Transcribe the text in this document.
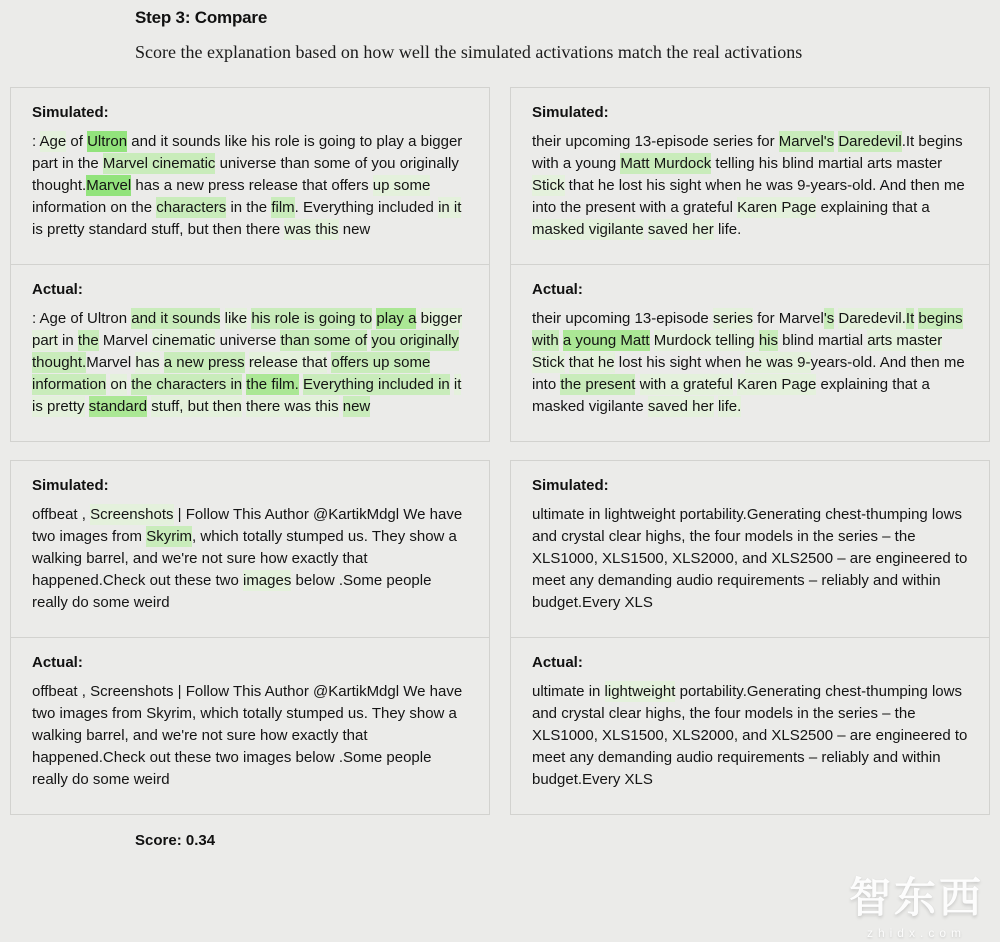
Step 3: Compare
Score the explanation based on how well the simulated activations match the real activations
Simulated:
: Age of Ultron and it sounds like his role is going to play a bigger part in the Marvel cinematic universe than some of you originally thought.Marvel has a new press release that offers up some information on the characters in the film. Everything included in it is pretty standard stuff, but then there was this new
Actual:
: Age of Ultron and it sounds like his role is going to play a bigger part in the Marvel cinematic universe than some of you originally thought.Marvel has a new press release that offers up some information on the characters in the film. Everything included in it is pretty standard stuff, but then there was this new
Simulated:
their upcoming 13-episode series for Marvel's Daredevil.It begins with a young Matt Murdock telling his blind martial arts master Stick that he lost his sight when he was 9-years-old. And then me into the present with a grateful Karen Page explaining that a masked vigilante saved her life.
Actual:
their upcoming 13-episode series for Marvel's Daredevil.It begins with a young Matt Murdock telling his blind martial arts master Stick that he lost his sight when he was 9-years-old. And then me into the present with a grateful Karen Page explaining that a masked vigilante saved her life.
Simulated:
offbeat , Screenshots | Follow This Author @KartikMdgl We have two images from Skyrim, which totally stumped us. They show a walking barrel, and we're not sure how exactly that happened.Check out these two images below .Some people really do some weird
Actual:
offbeat , Screenshots | Follow This Author @KartikMdgl We have two images from Skyrim, which totally stumped us. They show a walking barrel, and we're not sure how exactly that happened.Check out these two images below .Some people really do some weird
Simulated:
ultimate in lightweight portability.Generating chest-thumping lows and crystal clear highs, the four models in the series – the XLS1000, XLS1500, XLS2000, and XLS2500 – are engineered to meet any demanding audio requirements – reliably and within budget.Every XLS
Actual:
ultimate in lightweight portability.Generating chest-thumping lows and crystal clear highs, the four models in the series – the XLS1000, XLS1500, XLS2000, and XLS2500 – are engineered to meet any demanding audio requirements – reliably and within budget.Every XLS
Score: 0.34
智东西
zhidx.com
